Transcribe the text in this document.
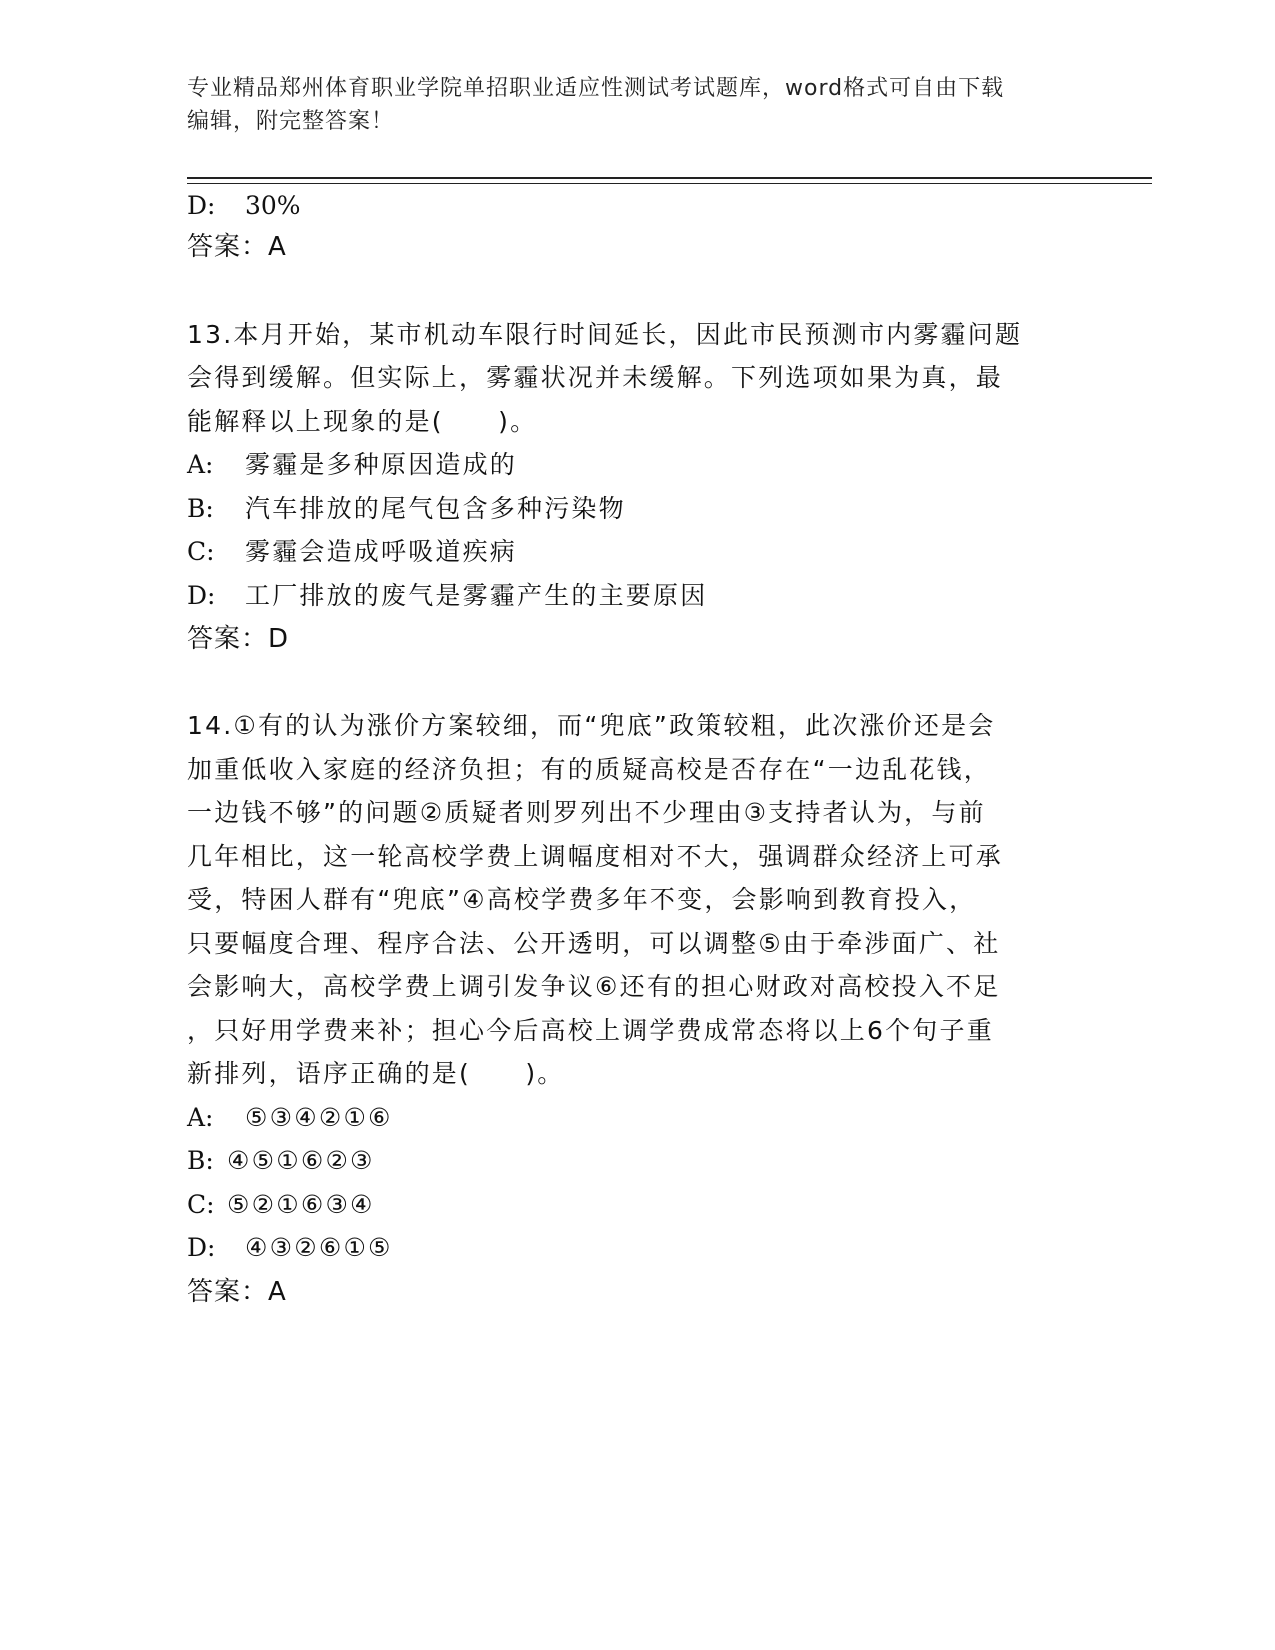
专业精品郑州体育职业学院单招职业适应性测试考试题库，word格式可自由下载
编辑，附完整答案！
D: 30%
答案：A
13.本月开始，某市机动车限行时间延长，因此市民预测市内雾霾问题
会得到缓解。但实际上，雾霾状况并未缓解。下列选项如果为真，最
能解释以上现象的是(　　)。
A: 雾霾是多种原因造成的
B: 汽车排放的尾气包含多种污染物
C: 雾霾会造成呼吸道疾病
D: 工厂排放的废气是雾霾产生的主要原因
答案：D
14.①有的认为涨价方案较细，而“兜底”政策较粗，此次涨价还是会
加重低收入家庭的经济负担；有的质疑高校是否存在“一边乱花钱，
一边钱不够”的问题②质疑者则罗列出不少理由③支持者认为，与前
几年相比，这一轮高校学费上调幅度相对不大，强调群众经济上可承
受，特困人群有“兜底”④高校学费多年不变，会影响到教育投入，
只要幅度合理、程序合法、公开透明，可以调整⑤由于牵涉面广、社
会影响大，高校学费上调引发争议⑥还有的担心财政对高校投入不足
，只好用学费来补；担心今后高校上调学费成常态将以上6个句子重
新排列，语序正确的是(　　)。
A: ⑤③④②①⑥
B: ④⑤①⑥②③
C: ⑤②①⑥③④
D: ④③②⑥①⑤
答案：A
